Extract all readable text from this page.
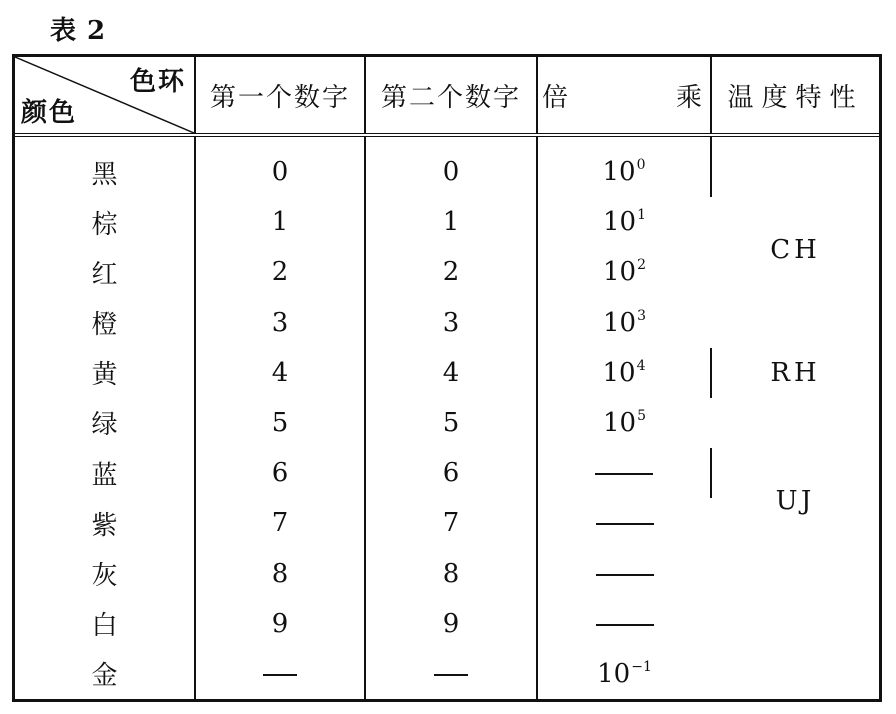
表 2
色环
颜色	第一个数字	第二个数字	倍 乘	温度特性
黑	0	0	$10^0$	CH

棕	1	1	$10^1$
红	2	2	$10^2$
橙	3	3	$10^3$
黄	4	4	$10^4$	RH

绿	5	5	$10^5$
蓝	6	6		UJ

紫	7	7		
灰	8	8		
白	9	9		
金			$10^{-1}$
